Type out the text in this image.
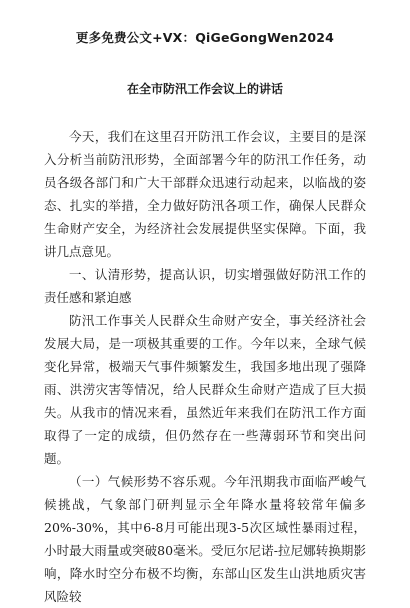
更多免费公文+VX：QiGeGongWen2024
在全市防汛工作会议上的讲话

今天，我们在这里召开防汛工作会议，主要目的是深入分析当前防汛形势，全面部署今年的防汛工作任务，动员各级各部门和广大干部群众迅速行动起来，以临战的姿态、扎实的举措，全力做好防汛各项工作，确保人民群众生命财产安全，为经济社会发展提供坚实保障。下面，我讲几点意见。

一、认清形势，提高认识，切实增强做好防汛工作的责任感和紧迫感

防汛工作事关人民群众生命财产安全，事关经济社会发展大局，是一项极其重要的工作。今年以来，全球气候变化异常，极端天气事件频繁发生，我国多地出现了强降雨、洪涝灾害等情况，给人民群众生命财产造成了巨大损失。从我市的情况来看，虽然近年来我们在防汛工作方面取得了一定的成绩，但仍然存在一些薄弱环节和突出问题。

（一）气候形势不容乐观。今年汛期我市面临严峻气候挑战，气象部门研判显示全年降水量将较常年偏多20%-30%，其中6-8月可能出现3-5次区域性暴雨过程，小时最大雨量或突破80毫米。受厄尔尼诺-拉尼娜转换期影响，降水时空分布极不均衡，东部山区发生山洪地质灾害风险较
